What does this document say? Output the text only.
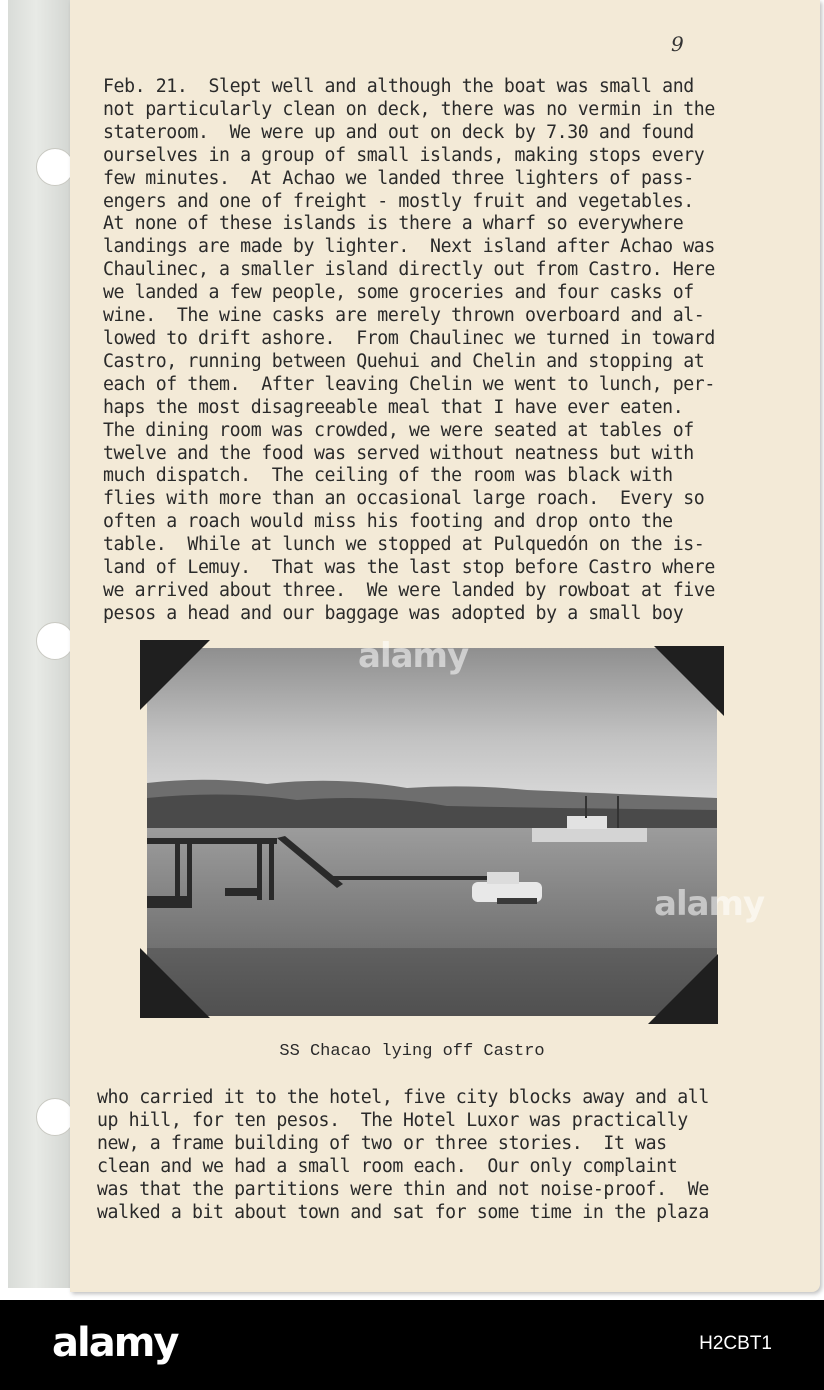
9
Feb. 21.  Slept well and although the boat was small and
not particularly clean on deck, there was no vermin in the
stateroom.  We were up and out on deck by 7.30 and found
ourselves in a group of small islands, making stops every
few minutes.  At Achao we landed three lighters of pass-
engers and one of freight - mostly fruit and vegetables.
At none of these islands is there a wharf so everywhere
landings are made by lighter.  Next island after Achao was
Chaulinec, a smaller island directly out from Castro. Here
we landed a few people, some groceries and four casks of
wine.  The wine casks are merely thrown overboard and al-
lowed to drift ashore.  From Chaulinec we turned in toward
Castro, running between Quehui and Chelin and stopping at
each of them.  After leaving Chelin we went to lunch, per-
haps the most disagreeable meal that I have ever eaten.
The dining room was crowded, we were seated at tables of
twelve and the food was served without neatness but with
much dispatch.  The ceiling of the room was black with
flies with more than an occasional large roach.  Every so
often a roach would miss his footing and drop onto the
table.  While at lunch we stopped at Pulquedón on the is-
land of Lemuy.  That was the last stop before Castro where
we arrived about three.  We were landed by rowboat at five
pesos a head and our baggage was adopted by a small boy

alamy
alamy
SS Chacao lying off Castro
who carried it to the hotel, five city blocks away and all
up hill, for ten pesos.  The Hotel Luxor was practically
new, a frame building of two or three stories.  It was
clean and we had a small room each.  Our only complaint
was that the partitions were thin and not noise-proof.  We
walked a bit about town and sat for some time in the plaza

alamy	H2CBT1
